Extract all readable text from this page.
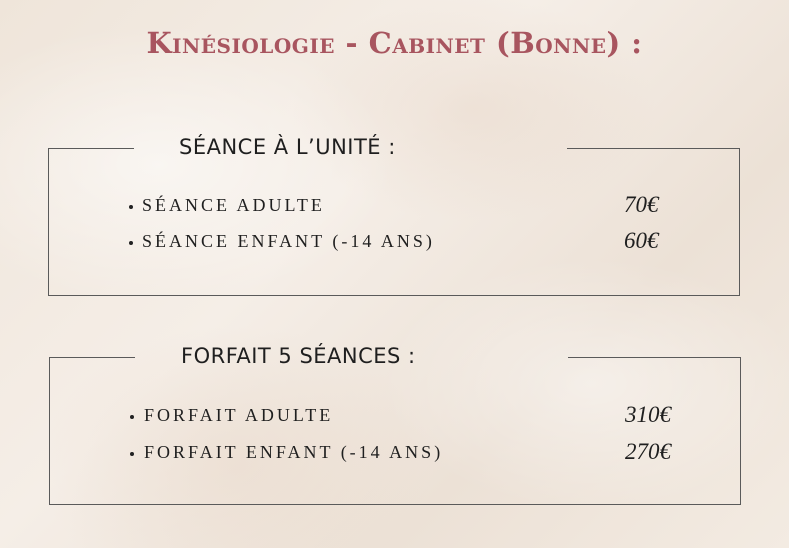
Kinésiologie - Cabinet (Bonne) :
SÉANCE À L’UNITÉ :
SÉANCE ADULTE	70€
SÉANCE ENFANT (-14 ANS)	60€
FORFAIT 5 SÉANCES :
FORFAIT ADULTE	310€
FORFAIT ENFANT (-14 ANS)	270€
